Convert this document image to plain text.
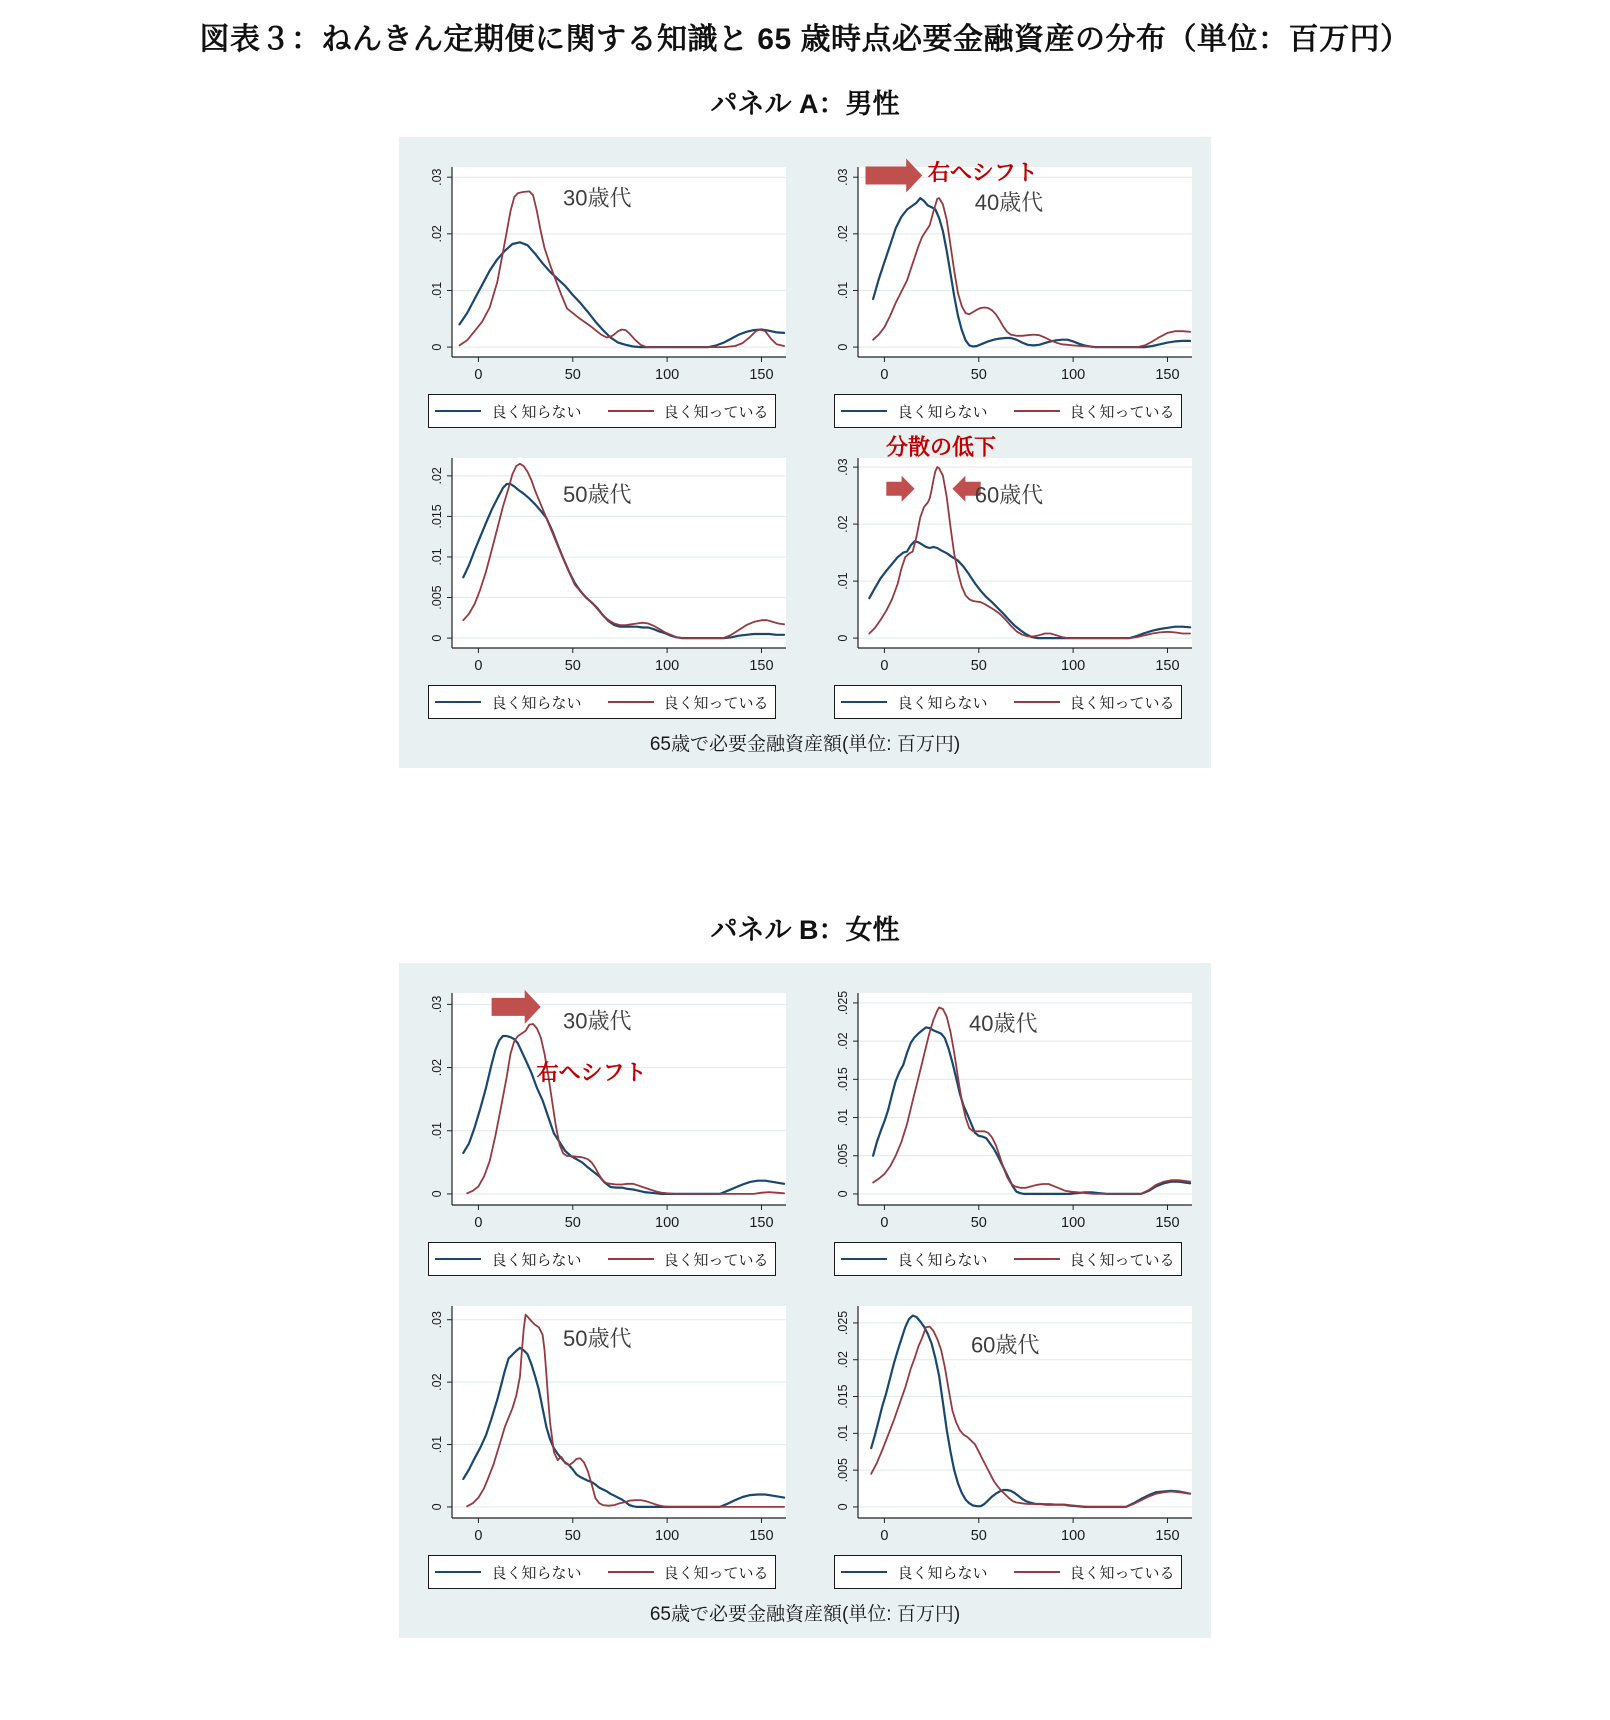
図表３：ねんきん定期便に関する知識と 65 歳時点必要金融資産の分布（単位：百万円）
パネル A：男性
0
.01
.02
.03
0	50	100	150
30歳代
良く知らない	良く知っている
0
.01
.02
.03
0	50	100	150
右へシフト
40歳代
良く知らない	良く知っている
0
.005
.01
.015
.02
0	50	100	150
50歳代
良く知らない	良く知っている
0
.01
.02
.03
0	50	100	150
分散の低下
60歳代
良く知らない	良く知っている
65歳で必要金融資産額(単位: 百万円)
パネル B：女性
0
.01
.02
.03
0	50	100	150
30歳代
右へシフト
良く知らない	良く知っている
0
.005
.01
.015
.02
.025
0	50	100	150
40歳代
良く知らない	良く知っている
0
.01
.02
.03
0	50	100	150
50歳代
良く知らない	良く知っている
0
.005
.01
.015
.02
.025
0	50	100	150
60歳代
良く知らない	良く知っている
65歳で必要金融資産額(単位: 百万円)
